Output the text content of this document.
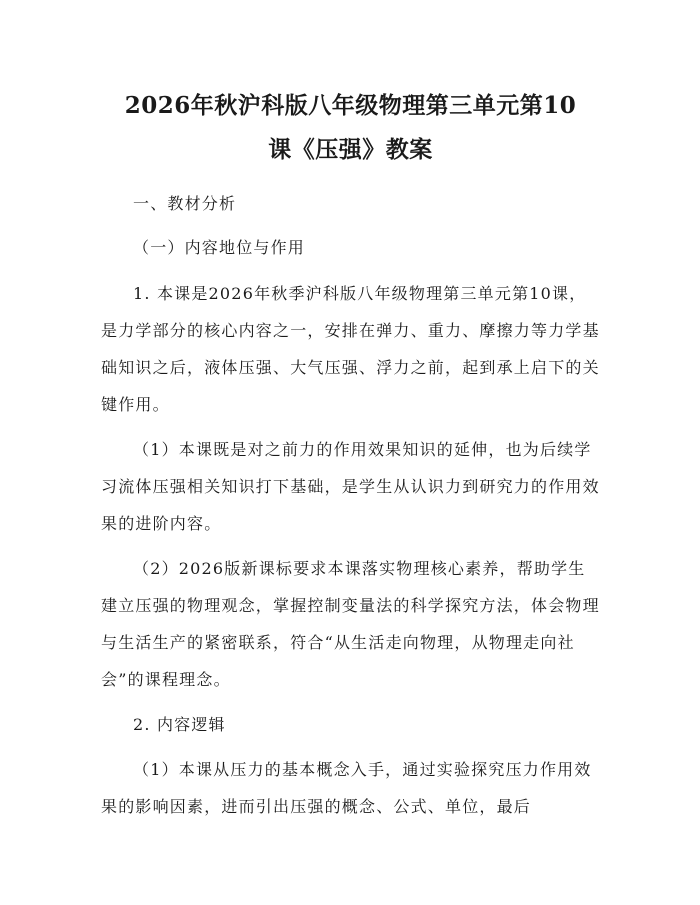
2026年秋沪科版八年级物理第三单元第10
课《压强》教案

一、教材分析

（一）内容地位与作用

1. 本课是2026年秋季沪科版八年级物理第三单元第10课，是力学部分的核心内容之一，安排在弹力、重力、摩擦力等力学基础知识之后，液体压强、大气压强、浮力之前，起到承上启下的关键作用。

（1）本课既是对之前力的作用效果知识的延伸，也为后续学习流体压强相关知识打下基础，是学生从认识力到研究力的作用效果的进阶内容。

（2）2026版新课标要求本课落实物理核心素养，帮助学生建立压强的物理观念，掌握控制变量法的科学探究方法，体会物理与生活生产的紧密联系，符合“从生活走向物理，从物理走向社会”的课程理念。

2. 内容逻辑

（1）本课从压力的基本概念入手，通过实验探究压力作用效果的影响因素，进而引出压强的概念、公式、单位，最后
